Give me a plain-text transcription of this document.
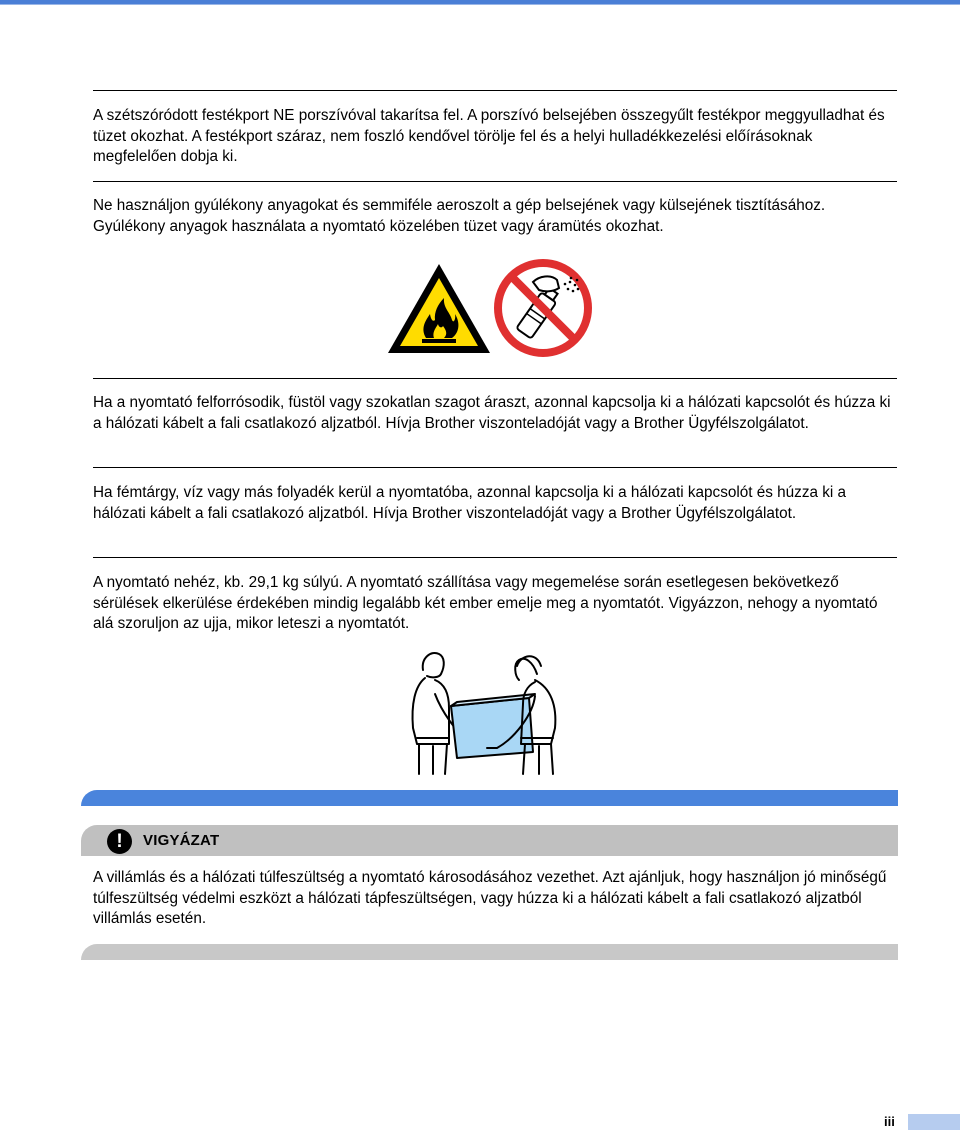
A szétszóródott festékport NE porszívóval takarítsa fel. A porszívó belsejében összegyűlt festékpor meggyulladhat és tüzet okozhat. A festékport száraz, nem foszló kendővel törölje fel és a helyi hulladékkezelési előírásoknak megfelelően dobja ki.

Ne használjon gyúlékony anyagokat és semmiféle aeroszolt a gép belsejének vagy külsejének tisztításához. Gyúlékony anyagok használata a nyomtató közelében tüzet vagy áramütés okozhat.

Ha a nyomtató felforrósodik, füstöl vagy szokatlan szagot áraszt, azonnal kapcsolja ki a hálózati kapcsolót és húzza ki a hálózati kábelt a fali csatlakozó aljzatból. Hívja Brother viszonteladóját vagy a Brother Ügyfélszolgálatot.

Ha fémtárgy, víz vagy más folyadék kerül a nyomtatóba, azonnal kapcsolja ki a hálózati kapcsolót és húzza ki a hálózati kábelt a fali csatlakozó aljzatból. Hívja Brother viszonteladóját vagy a Brother Ügyfélszolgálatot.

A nyomtató nehéz, kb. 29,1 kg súlyú. A nyomtató szállítása vagy megemelése során esetlegesen bekövetkező sérülések elkerülése érdekében mindig legalább két ember emelje meg a nyomtatót. Vigyázzon, nehogy a nyomtató alá szoruljon az ujja, mikor leteszi a nyomtatót.

!	VIGYÁZAT

A villámlás és a hálózati túlfeszültség a nyomtató károsodásához vezethet. Azt ajánljuk, hogy használjon jó minőségű túlfeszültség védelmi eszközt a hálózati tápfeszültségen, vagy húzza ki a hálózati kábelt a fali csatlakozó aljzatból villámlás esetén.

iii
